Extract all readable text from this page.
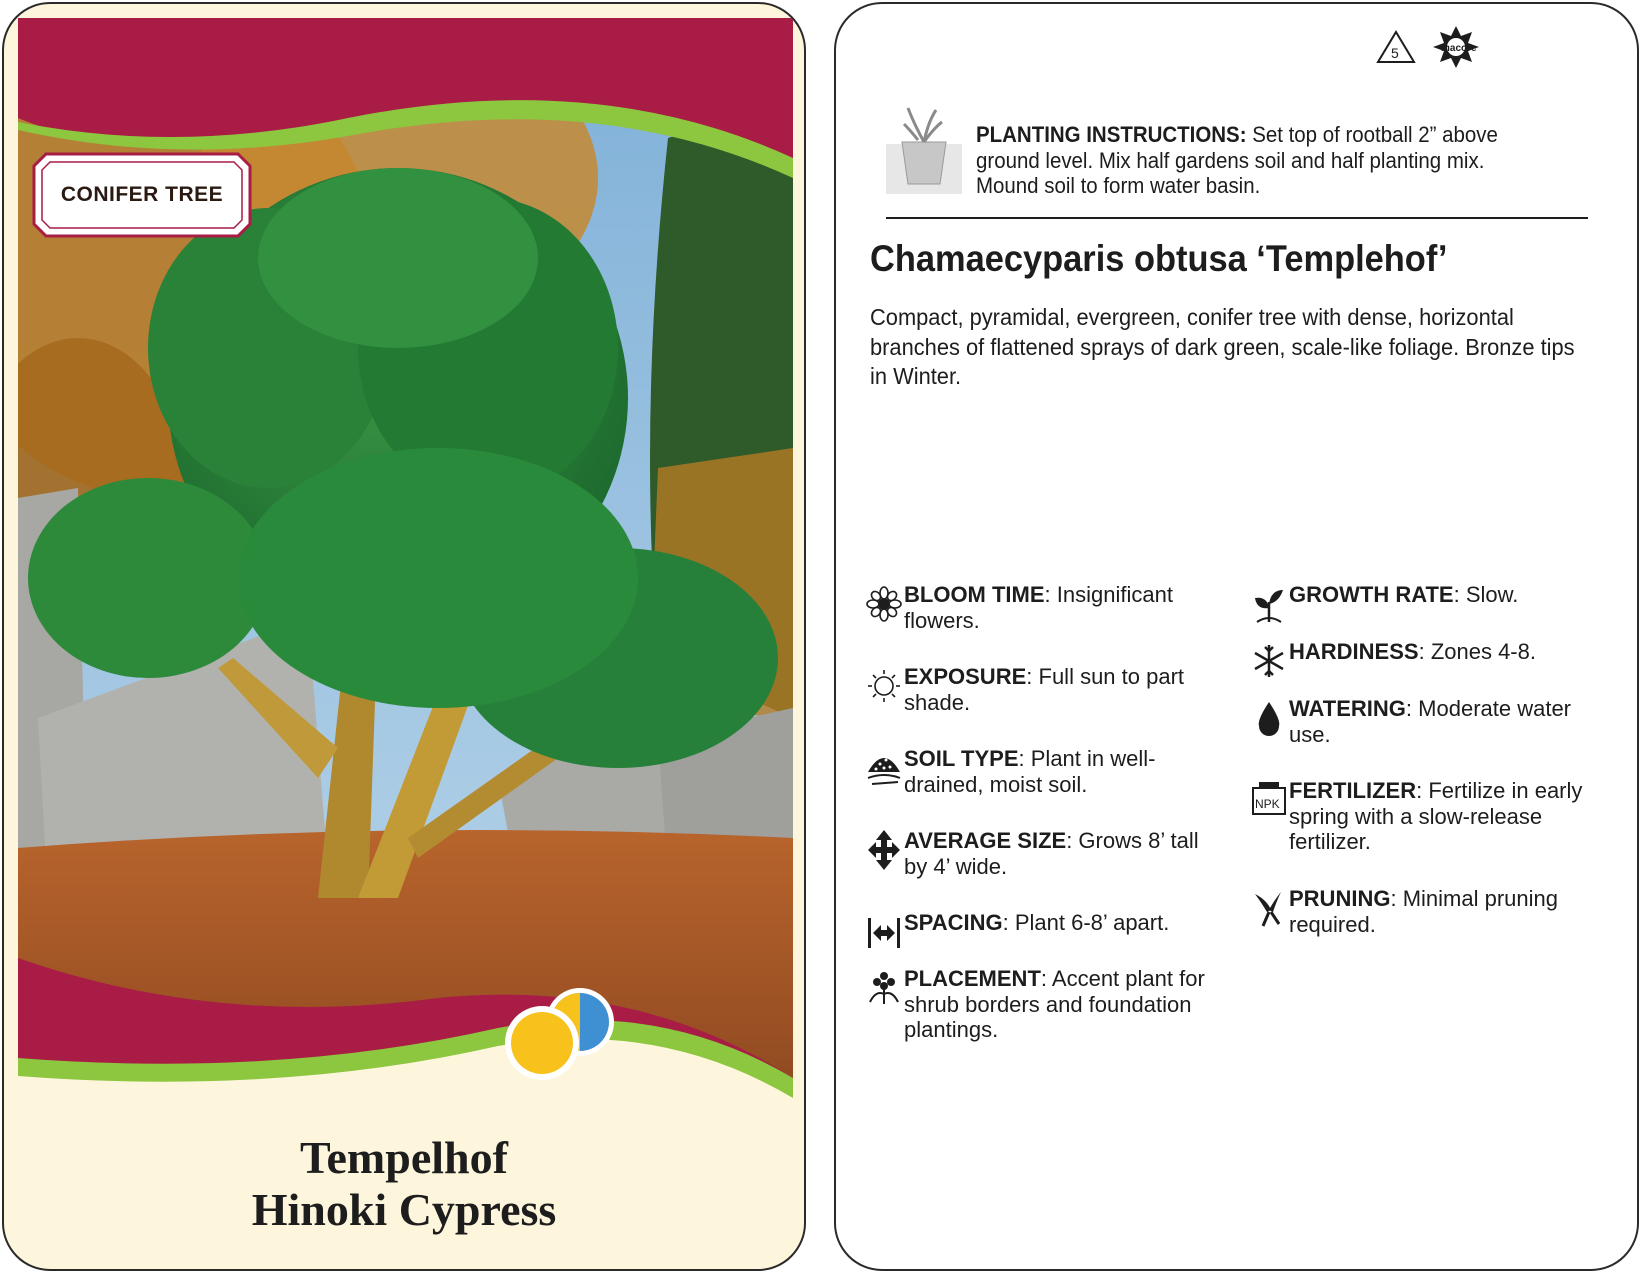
CONIFER TREE
Tempelhof
Hinoki Cypress
5	macore
PLANTING INSTRUCTIONS: Set top of rootball 2” above ground level. Mix half gardens soil and half planting mix. Mound soil to form water basin.
Chamaecyparis obtusa ‘Templehof’
Compact, pyramidal, evergreen, conifer tree with dense, horizontal branches of flattened sprays of dark green, scale-like foliage. Bronze tips in Winter.
BLOOM TIME: Insignificant flowers.
EXPOSURE: Full sun to part shade.
SOIL TYPE: Plant in well-drained, moist soil.
AVERAGE SIZE: Grows 8’ tall by 4’ wide.
SPACING: Plant 6-8’ apart.
PLACEMENT: Accent plant for shrub borders and foundation plantings.
GROWTH RATE: Slow.
HARDINESS: Zones 4-8.
WATERING: Moderate water use.
NPK
FERTILIZER: Fertilize in early spring with a slow-release fertilizer.
PRUNING: Minimal pruning required.
